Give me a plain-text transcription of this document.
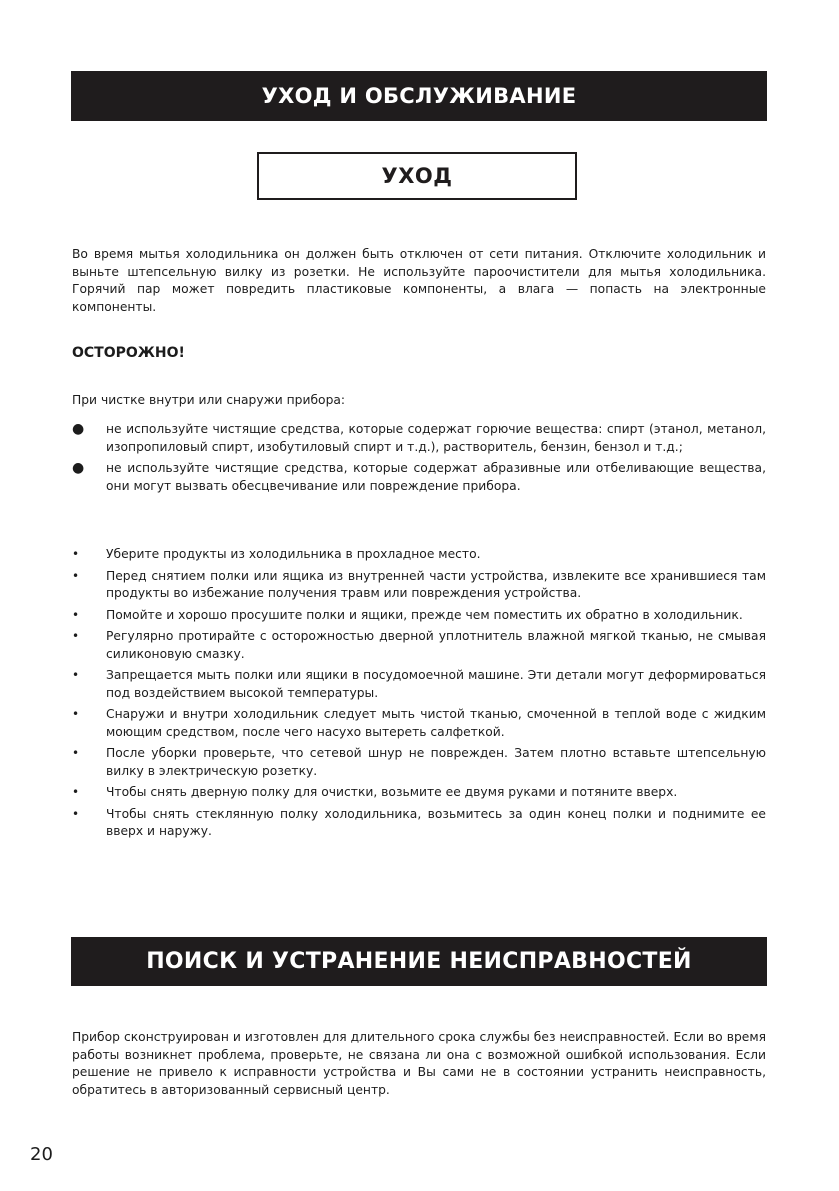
УХОД И ОБСЛУЖИВАНИЕ
УХОД

Во время мытья холодильника он должен быть отключен от сети питания. Отключите холодильник и выньте штепсельную вилку из розетки. Не используйте пароочистители для мытья холодильника. Горячий пар может повредить пластиковые компоненты, а влага — попасть на электронные компоненты.

ОСТОРОЖНО!

При чистке внутри или снаружи прибора:

● не используйте чистящие средства, которые содержат горючие вещества: спирт (этанол, метанол, изопропиловый спирт, изобутиловый спирт и т.д.), растворитель, бензин, бензол и т.д.;
● не используйте чистящие средства, которые содержат абразивные или отбеливающие вещества, они могут вызвать обесцвечивание или повреждение прибора.
• Уберите продукты из холодильника в прохладное место.
• Перед снятием полки или ящика из внутренней части устройства, извлеките все хранившиеся там продукты во избежание получения травм или повреждения устройства.
• Помойте и хорошо просушите полки и ящики, прежде чем поместить их обратно в холодильник.
• Регулярно протирайте с осторожностью дверной уплотнитель влажной мягкой тканью, не смывая силиконовую смазку.
• Запрещается мыть полки или ящики в посудомоечной машине. Эти детали могут деформироваться под воздействием высокой температуры.
• Снаружи и внутри холодильник следует мыть чистой тканью, смоченной в теплой воде с жидким моющим средством, после чего насухо вытереть салфеткой.
• После уборки проверьте, что сетевой шнур не поврежден. Затем плотно вставьте штепсельную вилку в электрическую розетку.
• Чтобы снять дверную полку для очистки, возьмите ее двумя руками и потяните вверх.
• Чтобы снять стеклянную полку холодильника, возьмитесь за один конец полки и поднимите ее вверх и наружу.
ПОИСК И УСТРАНЕНИЕ НЕИСПРАВНОСТЕЙ

Прибор сконструирован и изготовлен для длительного срока службы без неисправностей. Если во время работы возникнет проблема, проверьте, не связана ли она с возможной ошибкой использования. Если решение не привело к исправности устройства и Вы сами не в состоянии устранить неисправность, обратитесь в авторизованный сервисный центр.

20
